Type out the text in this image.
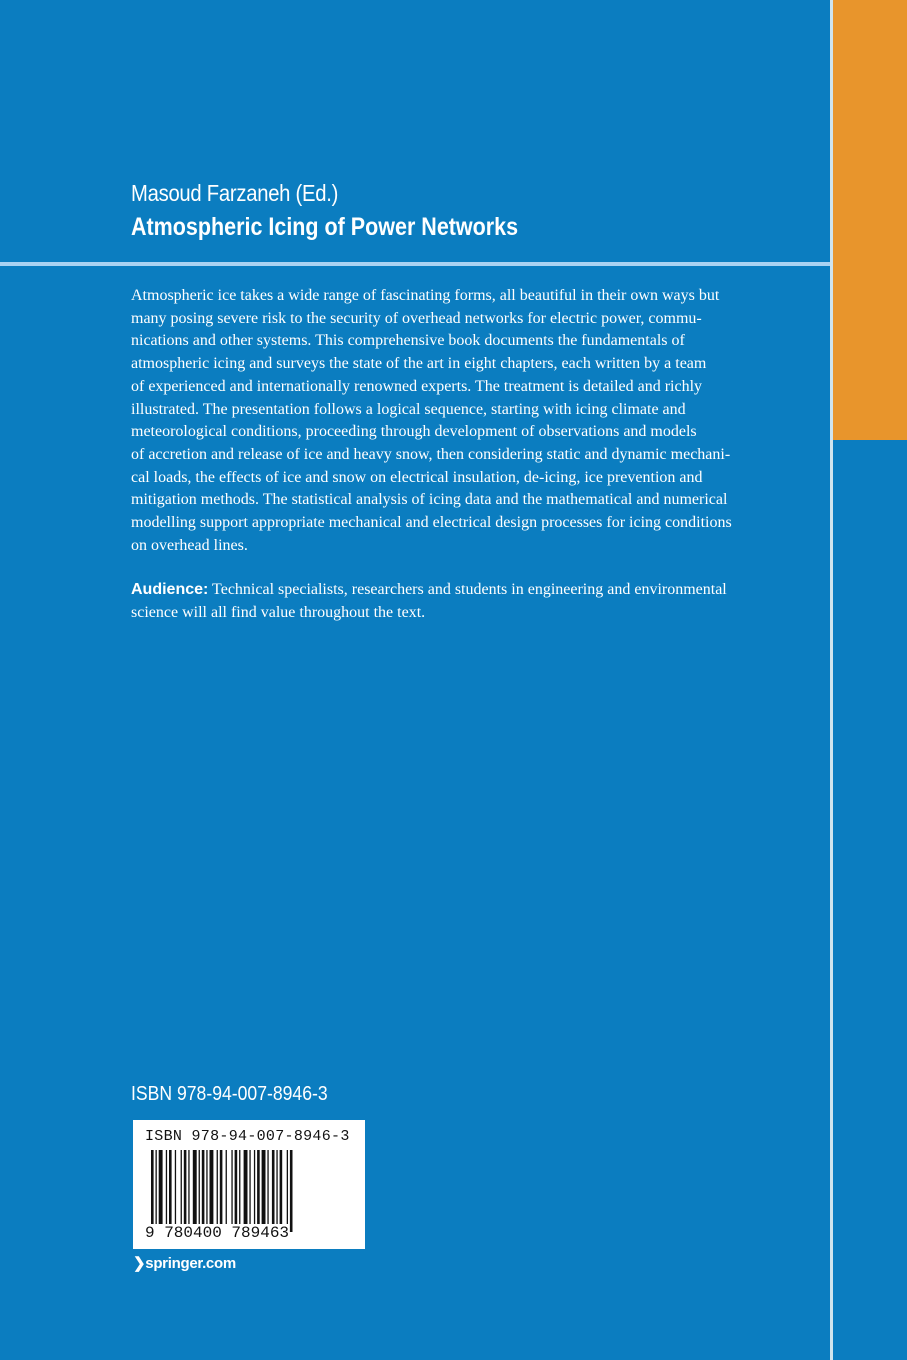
Masoud Farzaneh (Ed.)
Atmospheric Icing of Power Networks
Atmospheric ice takes a wide range of fascinating forms, all beautiful in their own ways but
many posing severe risk to the security of overhead networks for electric power, commu-
nications and other systems. This comprehensive book documents the fundamentals of
atmospheric icing and surveys the state of the art in eight chapters, each written by a team
of experienced and internationally renowned experts. The treatment is detailed and richly
illustrated. The presentation follows a logical sequence, starting with icing climate and
meteorological conditions, proceeding through development of observations and models
of accretion and release of ice and heavy snow, then considering static and dynamic mechani-
cal loads, the effects of ice and snow on electrical insulation, de-icing, ice prevention and
mitigation methods. The statistical analysis of icing data and the mathematical and numerical
modelling support appropriate mechanical and electrical design processes for icing conditions
on overhead lines.
Audience: Technical specialists, researchers and students in engineering and environmental
science will all find value throughout the text.
ISBN 978-94-007-8946-3
ISBN 978-94-007-8946-3
9 780400 789463
❯springer.com
